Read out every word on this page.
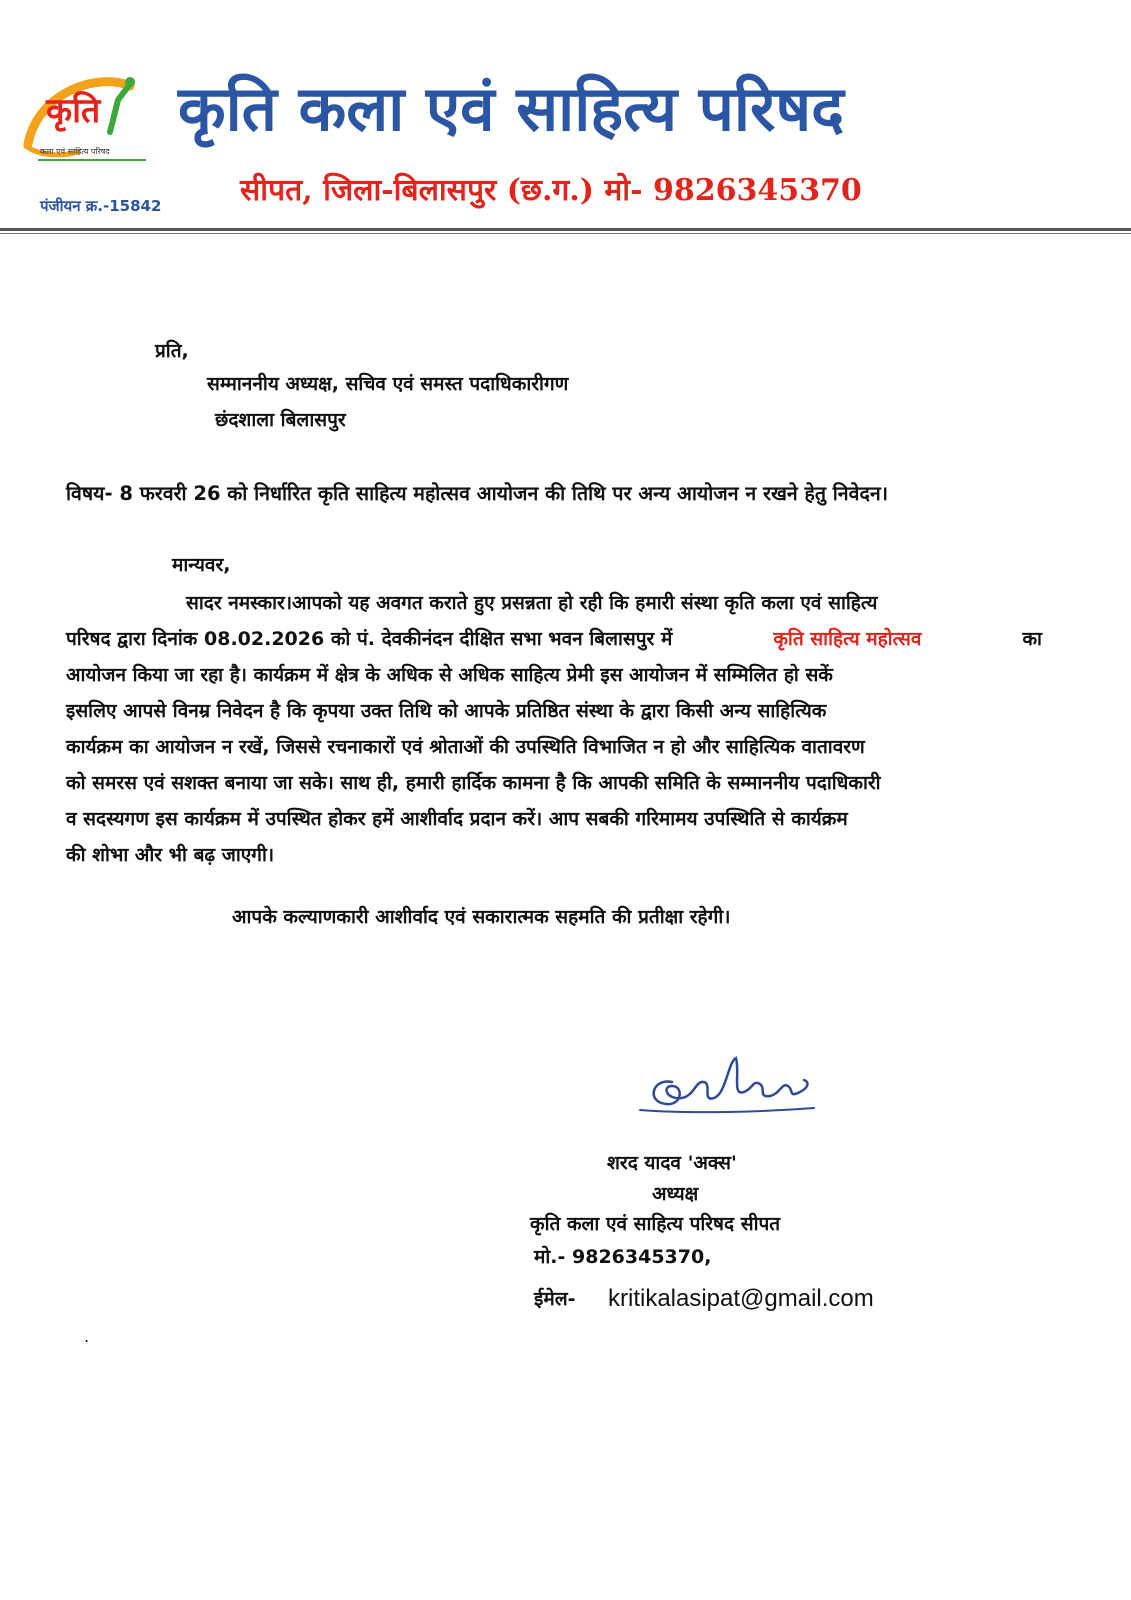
कृति
कला एवं साहित्य परिषद
कृति कला एवं साहित्य परिषद
सीपत, जिला-बिलासपुर (छ.ग.) मो- 9826345370
पंजीयन क्र.-15842
प्रति,
सम्माननीय अध्यक्ष, सचिव एवं समस्त पदाधिकारीगण
छंदशाला बिलासपुर
विषय- 8 फरवरी 26 को निर्धारित कृति साहित्य महोत्सव आयोजन की तिथि पर अन्य आयोजन न रखने हेतु निवेदन।
मान्यवर,
सादर नमस्कार।आपको यह अवगत कराते हुए प्रसन्नता हो रही कि हमारी संस्था कृति कला एवं साहित्य
परिषद द्वारा दिनांक 08.02.2026 को पं. देवकीनंदन दीक्षित सभा भवन बिलासपुर में	कृति साहित्य महोत्सव	का
आयोजन किया जा रहा है। कार्यक्रम में क्षेत्र के अधिक से अधिक साहित्य प्रेमी इस आयोजन में सम्मिलित हो सकें
इसलिए आपसे विनम्र निवेदन है कि कृपया उक्त तिथि को आपके प्रतिष्ठित संस्था के द्वारा किसी अन्य साहित्यिक
कार्यक्रम का आयोजन न रखें, जिससे रचनाकारों एवं श्रोताओं की उपस्थिति विभाजित न हो और साहित्यिक वातावरण
को समरस एवं सशक्त बनाया जा सके। साथ ही, हमारी हार्दिक कामना है कि आपकी समिति के सम्माननीय पदाधिकारी
व सदस्यगण इस कार्यक्रम में उपस्थित होकर हमें आशीर्वाद प्रदान करें। आप सबकी गरिमामय उपस्थिति से कार्यक्रम
की शोभा और भी बढ़ जाएगी।
आपके कल्याणकारी आशीर्वाद एवं सकारात्मक सहमति की प्रतीक्षा रहेगी।
शरद यादव 'अक्स'
अध्यक्ष
कृति कला एवं साहित्य परिषद सीपत
मो.- 9826345370,
ईमेल- kritikalasipat@gmail.com
.
